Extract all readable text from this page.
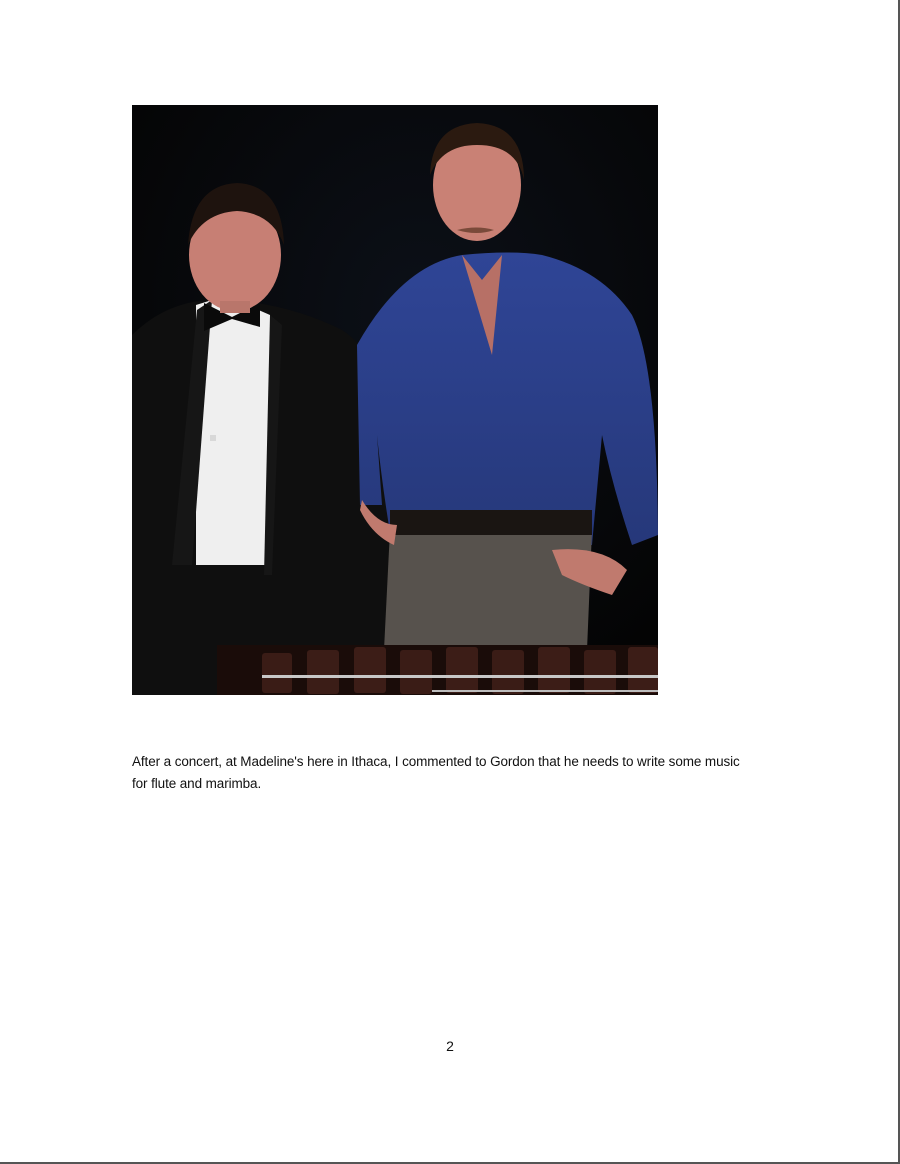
After a concert, at Madeline's here in Ithaca, I commented to Gordon that he needs to write some music for flute and marimba.
2
